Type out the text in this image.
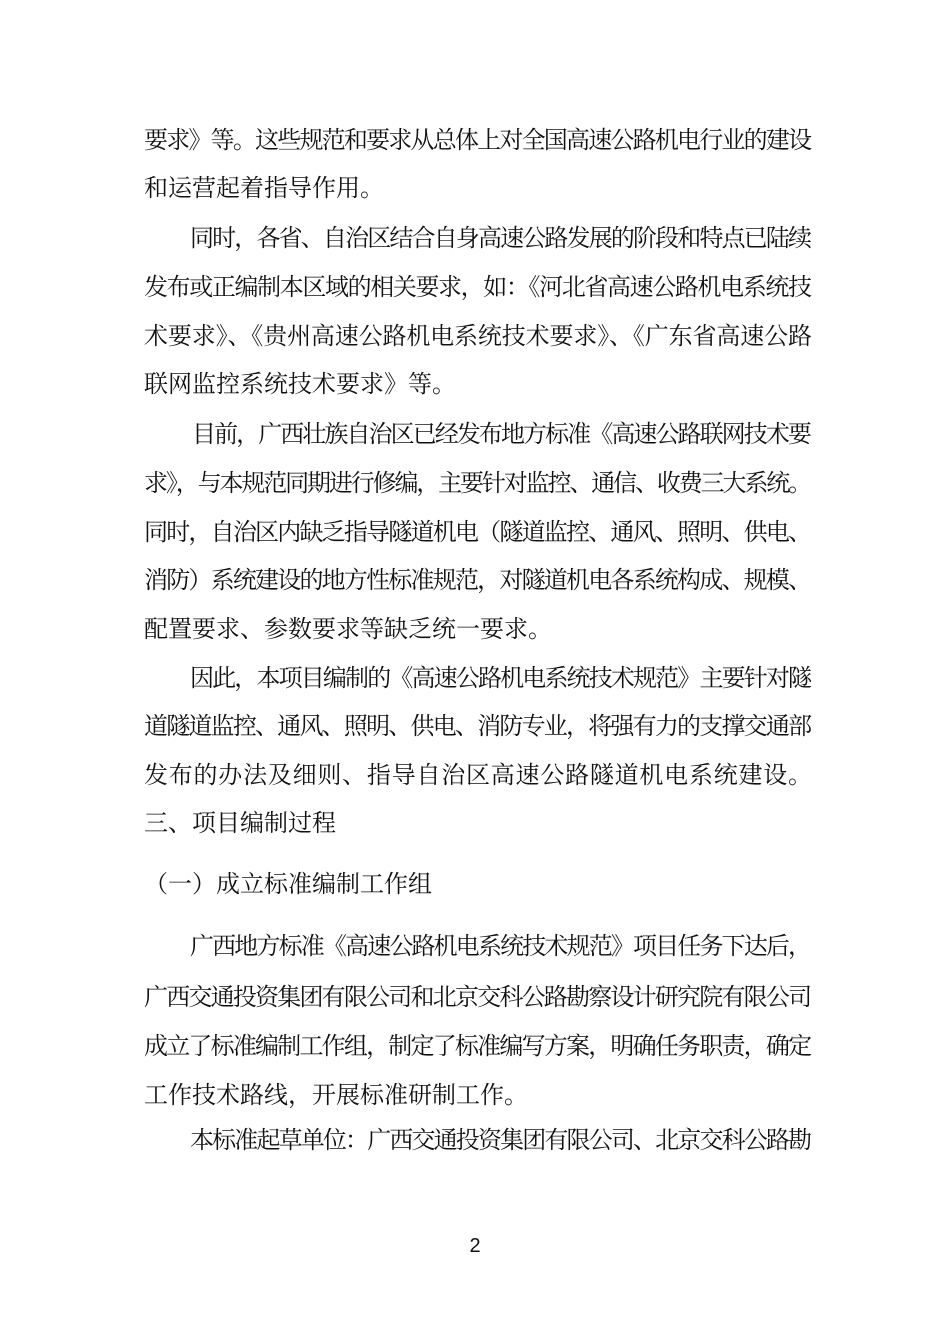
要求》等。这些规范和要求从总体上对全国高速公路机电行业的建设
和运营起着指导作用。
同时，各省、自治区结合自身高速公路发展的阶段和特点已陆续
发布或正编制本区域的相关要求，如：《河北省高速公路机电系统技
术要求》、《贵州高速公路机电系统技术要求》、《广东省高速公路
联网监控系统技术要求》等。
目前，广西壮族自治区已经发布地方标准《高速公路联网技术要
求》，与本规范同期进行修编，主要针对监控、通信、收费三大系统。
同时，自治区内缺乏指导隧道机电（隧道监控、通风、照明、供电、
消防）系统建设的地方性标准规范，对隧道机电各系统构成、规模、
配置要求、参数要求等缺乏统一要求。
因此，本项目编制的《高速公路机电系统技术规范》主要针对隧
道隧道监控、通风、照明、供电、消防专业，将强有力的支撑交通部
发布的办法及细则、指导自治区高速公路隧道机电系统建设。
三、项目编制过程
（一）成立标准编制工作组
广西地方标准《高速公路机电系统技术规范》项目任务下达后，
广西交通投资集团有限公司和北京交科公路勘察设计研究院有限公司
成立了标准编制工作组，制定了标准编写方案，明确任务职责，确定
工作技术路线，开展标准研制工作。
本标准起草单位：广西交通投资集团有限公司、北京交科公路勘
2
